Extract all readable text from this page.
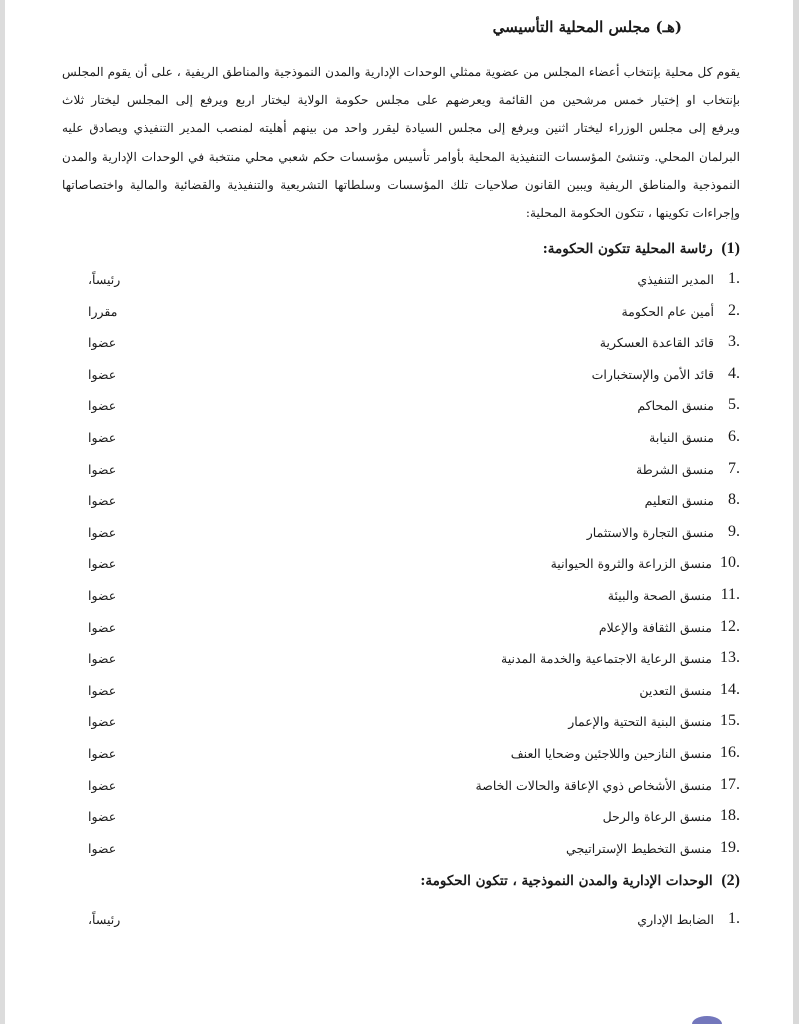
(هـ) مجلس المحلية التأسيسي
يقوم كل محلية بإنتخاب أعضاء المجلس من عضوية ممثلي الوحدات الإدارية والمدن النموذجية والمناطق الريفية ، على أن يقوم المجلس
بإنتخاب او إختيار خمس مرشحين من القائمة ويعرضهم على مجلس حكومة الولاية ليختار اربع ويرفع إلى المجلس ليختار ثلاث
ويرفع إلى مجلس الوزراء ليختار اثنين ويرفع إلى مجلس السيادة ليقرر واحد من بينهم أهليته لمنصب المدير التنفيذي ويصادق عليه
البرلمان المحلي. وتنشئ المؤسسات التنفيذية المحلية بأوامر تأسيس مؤسسات حكم شعبي محلي منتخبة في الوحدات الإدارية والمدن
النموذجية والمناطق الريفية ويبين القانون صلاحيات تلك المؤسسات وسلطاتها التشريعية والتنفيذية والقضائية والمالية واختصاصاتها
وإجراءات تكوينها ، تتكون الحكومة المحلية:
(1) رئاسة المحلية تتكون الحكومة:
1.
المدير التنفيذي
رئيساً،
2.
أمين عام الحكومة
مقررا
3.
قائد القاعدة العسكرية
عضوا
4.
قائد الأمن والإستخبارات
عضوا
5.
منسق المحاكم
عضوا
6.
منسق النيابة
عضوا
7.
منسق الشرطة
عضوا
8.
منسق التعليم
عضوا
9.
منسق التجارة والاستثمار
عضوا
10.
منسق الزراعة والثروة الحيوانية
عضوا
11.
منسق الصحة والبيئة
عضوا
12.
منسق الثقافة والإعلام
عضوا
13.
منسق الرعاية الاجتماعية والخدمة المدنية
عضوا
14.
منسق التعدين
عضوا
15.
منسق البنية التحتية والإعمار
عضوا
16.
منسق النازحين واللاجئين وضحايا العنف
عضوا
17.
منسق الأشخاص ذوي الإعاقة والحالات الخاصة
عضوا
18.
منسق الرعاة والرحل
عضوا
19.
منسق التخطيط الإستراتيجي
عضوا
(2) الوحدات الإدارية والمدن النموذجية ، تتكون الحكومة:
1.
الضابط الإداري
رئيساً،
